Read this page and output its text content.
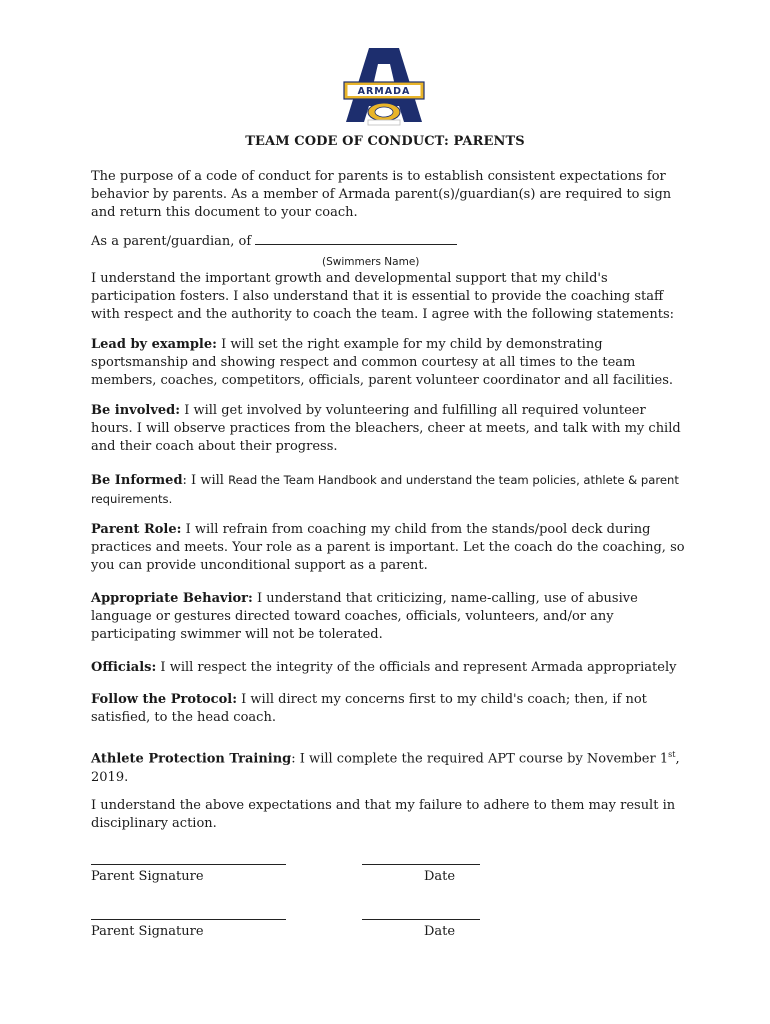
ARMADA
TEAM CODE OF CONDUCT: PARENTS
The purpose of a code of conduct for parents is to establish consistent expectations for behavior by parents. As a member of Armada parent(s)/guardian(s) are required to sign and return this document to your coach.
As a parent/guardian, of
(Swimmers Name)
I understand the important growth and developmental support that my child's participation fosters. I also understand that it is essential to provide the coaching staff with respect and the authority to coach the team. I agree with the following statements:
Lead by example: I will set the right example for my child by demonstrating sportsmanship and showing respect and common courtesy at all times to the team members, coaches, competitors, officials, parent volunteer coordinator and all facilities.
Be involved: I will get involved by volunteering and fulfilling all required volunteer hours. I will observe practices from the bleachers, cheer at meets, and talk with my child and their coach about their progress.
Be Informed: I will Read the Team Handbook and understand the team policies, athlete & parent requirements.
Parent Role: I will refrain from coaching my child from the stands/pool deck during practices and meets. Your role as a parent is important. Let the coach do the coaching, so you can provide unconditional support as a parent.
Appropriate Behavior: I understand that criticizing, name-calling, use of abusive language or gestures directed toward coaches, officials, volunteers, and/or any participating swimmer will not be tolerated.
Officials: I will respect the integrity of the officials and represent Armada appropriately
Follow the Protocol: I will direct my concerns first to my child's coach; then, if not satisfied, to the head coach.
Athlete Protection Training: I will complete the required APT course by November 1st, 2019.
I understand the above expectations and that my failure to adhere to them may result in disciplinary action.
Parent Signature	Date
Parent Signature	Date
